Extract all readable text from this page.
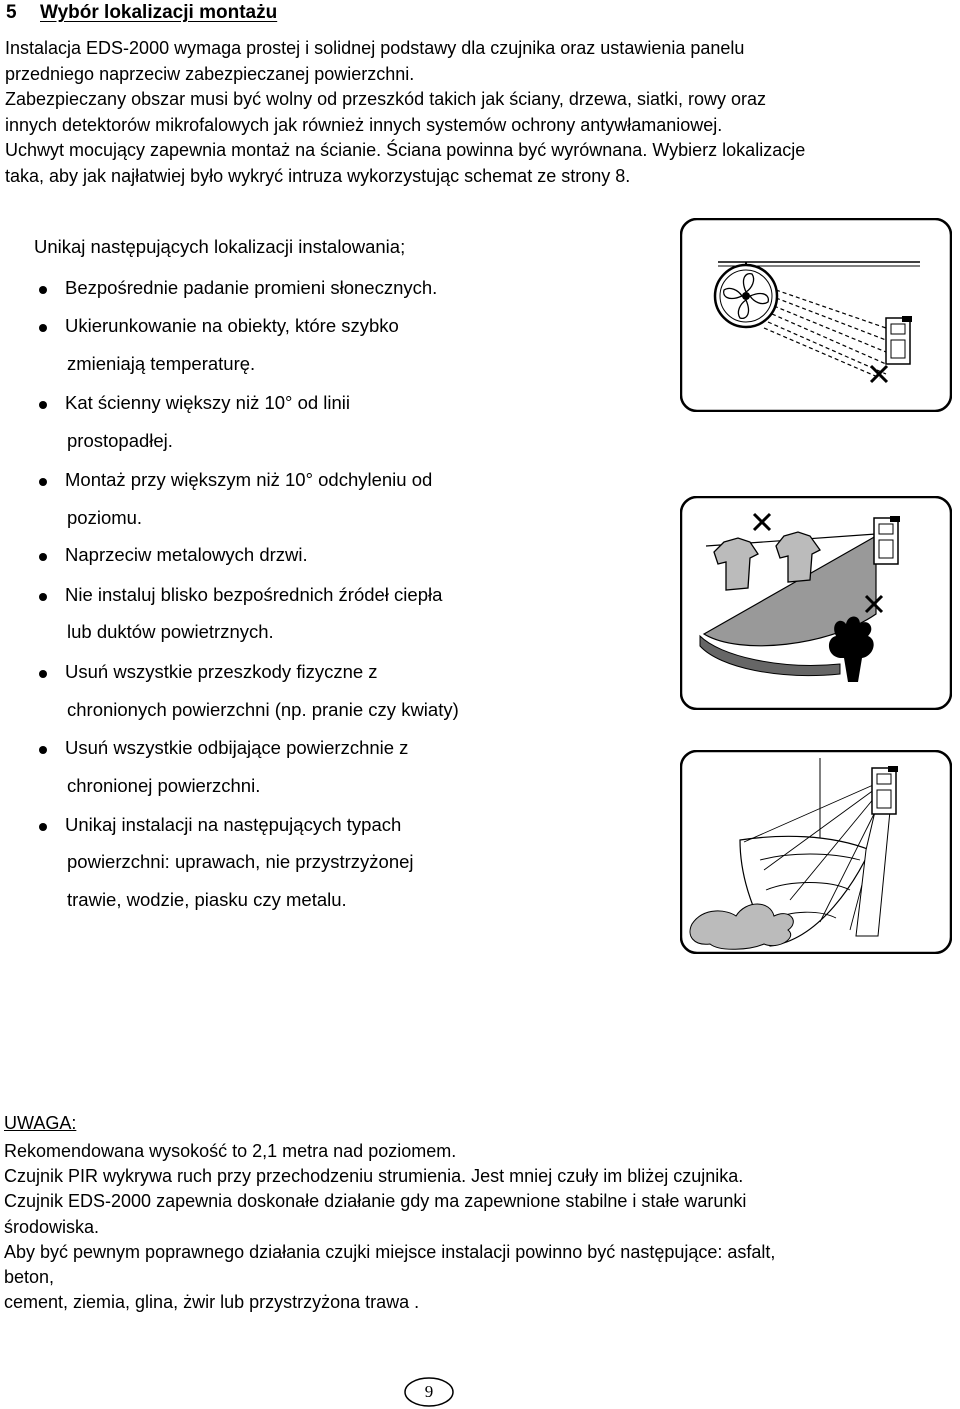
5 Wybór lokalizacji montażu

Instalacja EDS-2000 wymaga prostej i solidnej podstawy dla czujnika oraz ustawienia panelu
przedniego naprzeciw zabezpieczanej powierzchni.
Zabezpieczany obszar musi być wolny od przeszkód takich jak ściany, drzewa, siatki, rowy oraz
innych detektorów mikrofalowych jak również innych systemów ochrony antywłamaniowej.
Uchwyt mocujący zapewnia montaż na ścianie. Ściana powinna być wyrównana. Wybierz lokalizacje
taka, aby jak najłatwiej było wykryć intruza wykorzystując schemat ze strony 8.

Unikaj następujących lokalizacji instalowania;

Bezpośrednie padanie promieni słonecznych.
Ukierunkowanie na obiekty, które szybko
zmieniają temperaturę.
Kat ścienny większy niż 10° od linii
prostopadłej.
Montaż przy większym niż 10° odchyleniu od
poziomu.
Naprzeciw metalowych drzwi.
Nie instaluj blisko bezpośrednich źródeł ciepła
lub duktów powietrznych.
Usuń wszystkie przeszkody fizyczne z
chronionych powierzchni (np. pranie czy kwiaty)
Usuń wszystkie odbijające powierzchnie z
chronionej powierzchni.
Unikaj instalacji na następujących typach
powierzchni: uprawach, nie przystrzyżonej
trawie, wodzie, piasku czy metalu.

UWAGA:

Rekomendowana wysokość to 2,1 metra nad poziomem.
Czujnik PIR wykrywa ruch przy przechodzeniu strumienia. Jest mniej czuły im bliżej czujnika.
Czujnik EDS-2000 zapewnia doskonałe działanie gdy ma zapewnione stabilne i stałe warunki
środowiska.
Aby być pewnym poprawnego działania czujki miejsce instalacji powinno być następujące: asfalt,
beton,
cement, ziemia, glina, żwir lub przystrzyżona trawa .

9
